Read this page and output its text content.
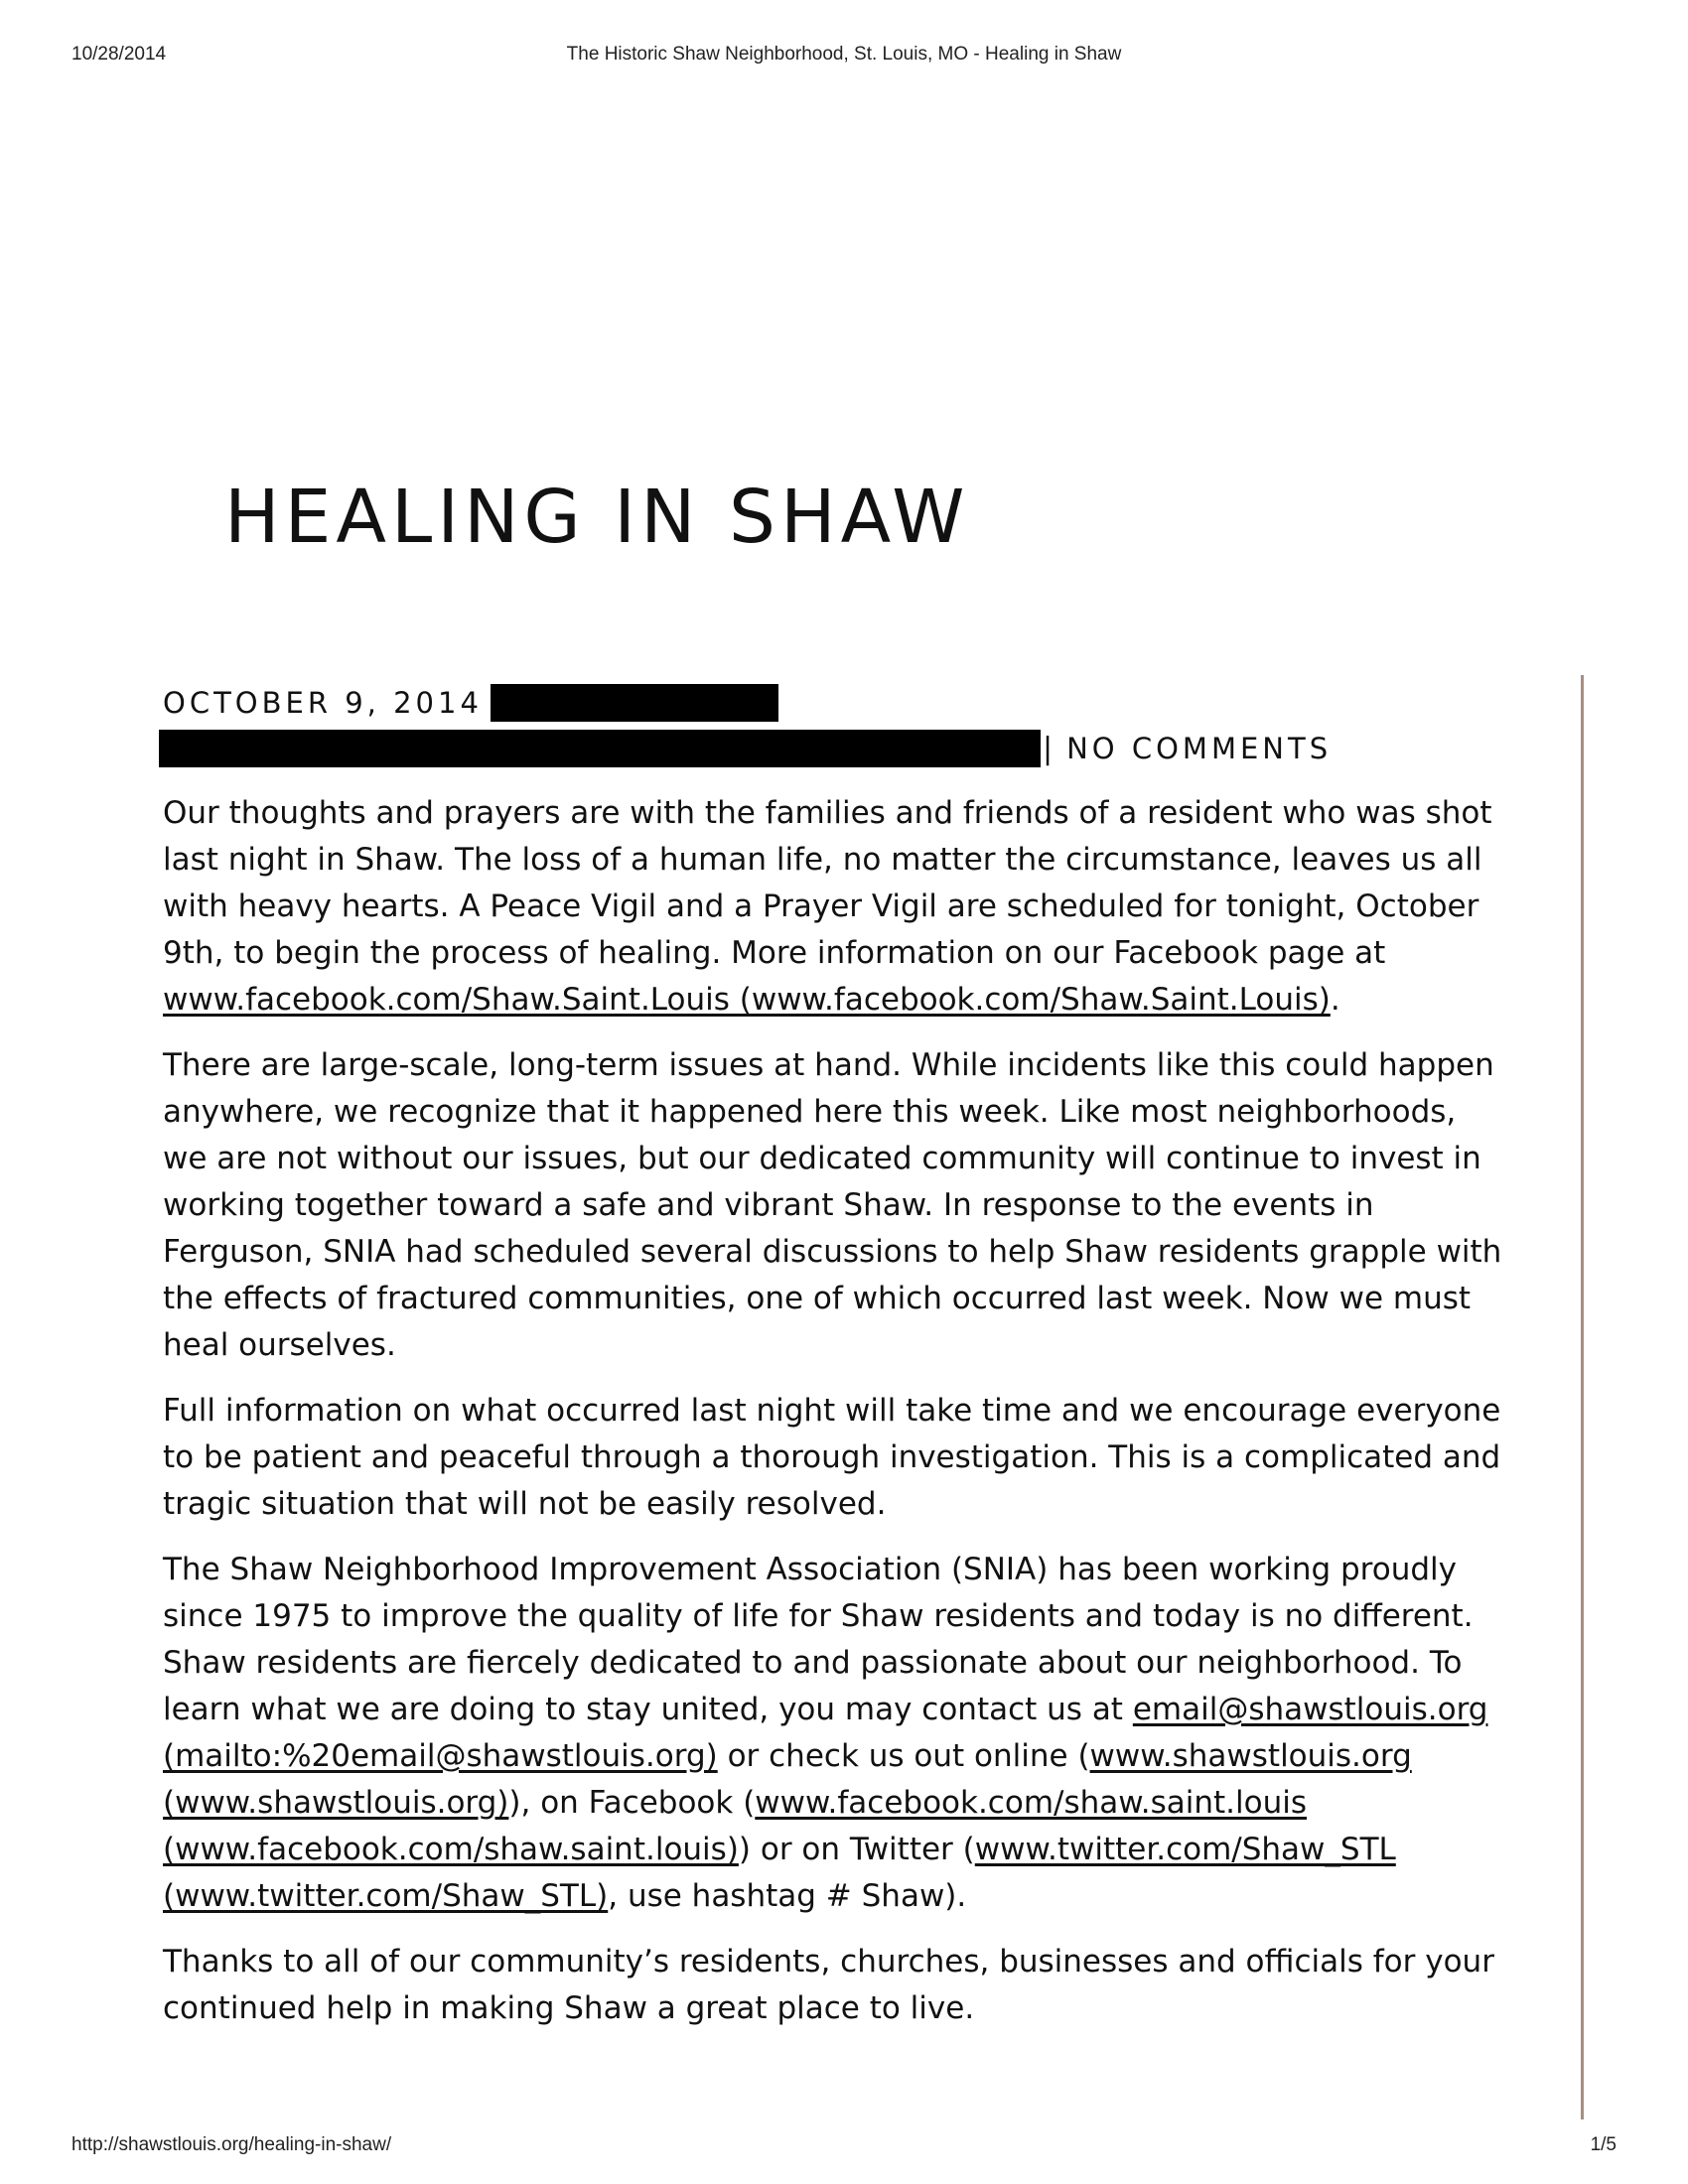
10/28/2014	The Historic Shaw Neighborhood, St. Louis, MO - Healing in Shaw
HEALING IN SHAW
OCTOBER 9, 2014
| NO COMMENTS

Our thoughts and prayers are with the families and friends of a resident who was shot last night in Shaw. The loss of a human life, no matter the circumstance, leaves us all with heavy hearts. A Peace Vigil and a Prayer Vigil are scheduled for tonight, October 9th, to begin the process of healing. More information on our Facebook page at www.facebook.com/Shaw.Saint.Louis (www.facebook.com/Shaw.Saint.Louis).

There are large-scale, long-term issues at hand. While incidents like this could happen anywhere, we recognize that it happened here this week. Like most neighborhoods, we are not without our issues, but our dedicated community will continue to invest in working together toward a safe and vibrant Shaw. In response to the events in Ferguson, SNIA had scheduled several discussions to help Shaw residents grapple with the effects of fractured communities, one of which occurred last week. Now we must heal ourselves.

Full information on what occurred last night will take time and we encourage everyone to be patient and peaceful through a thorough investigation. This is a complicated and tragic situation that will not be easily resolved.

The Shaw Neighborhood Improvement Association (SNIA) has been working proudly since 1975 to improve the quality of life for Shaw residents and today is no different. Shaw residents are fiercely dedicated to and passionate about our neighborhood. To learn what we are doing to stay united, you may contact us at email@shawstlouis.org (mailto:%20email@shawstlouis.org) or check us out online (www.shawstlouis.org (www.shawstlouis.org)), on Facebook (www.facebook.com/shaw.saint.louis (www.facebook.com/shaw.saint.louis)) or on Twitter (www.twitter.com/Shaw_STL (www.twitter.com/Shaw_STL), use hashtag # Shaw).

Thanks to all of our community’s residents, churches, businesses and officials for your continued help in making Shaw a great place to live.

http://shawstlouis.org/healing-in-shaw/	1/5
